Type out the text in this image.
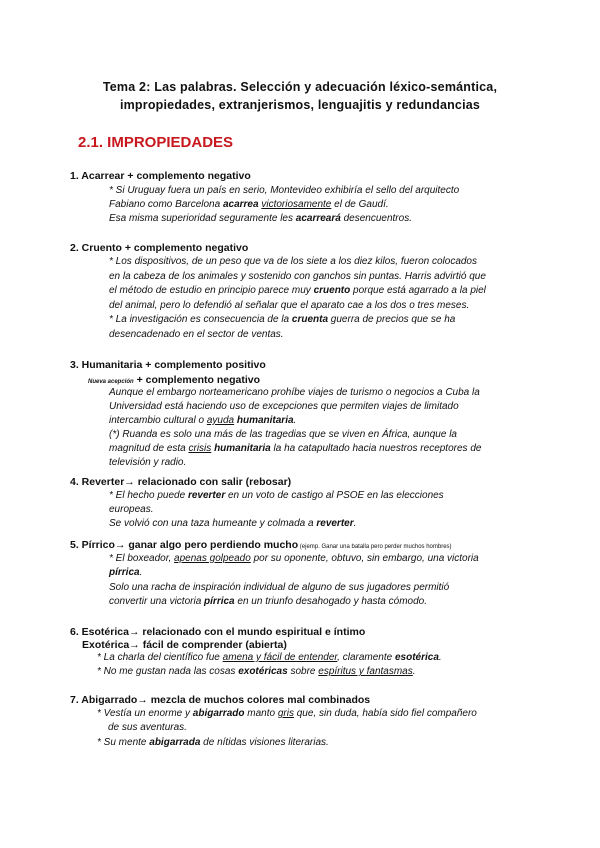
Tema 2: Las palabras. Selección y adecuación léxico-semántica,
impropiedades, extranjerismos, lenguajitis y redundancias
2.1. IMPROPIEDADES
1. Acarrear + complemento negativo
* Si Uruguay fuera un país en serio, Montevideo exhibiría el sello del arquitecto
Fabiano como Barcelona acarrea victoriosamente el de Gaudí.
Esa misma superioridad seguramente les acarreará desencuentros.
2. Cruento + complemento negativo
* Los dispositivos, de un peso que va de los siete a los diez kilos, fueron colocados
en la cabeza de los animales y sostenido con ganchos sin puntas. Harris advirtió que
el método de estudio en principio parece muy cruento porque está agarrado a la piel
del animal, pero lo defendió al señalar que el aparato cae a los dos o tres meses.
* La investigación es consecuencia de la cruenta guerra de precios que se ha
desencadenado en el sector de ventas.
3. Humanitaria + complemento positivo
Nueva acepción + complemento negativo
Aunque el embargo norteamericano prohíbe viajes de turismo o negocios a Cuba la
Universidad está haciendo uso de excepciones que permiten viajes de limitado
intercambio cultural o ayuda humanitaria.
(*) Ruanda es solo una más de las tragedias que se viven en África, aunque la
magnitud de esta crisis humanitaria la ha catapultado hacia nuestros receptores de
televisión y radio.
4. Reverter→ relacionado con salir (rebosar)
* El hecho puede reverter en un voto de castigo al PSOE en las elecciones
europeas.
Se volvió con una taza humeante y colmada a reverter.
5. Pírrico→ ganar algo pero perdiendo mucho (ejemp. Ganar una batalla pero perder muchos hombres)
* El boxeador, apenas golpeado por su oponente, obtuvo, sin embargo, una victoria
pírrica.
Solo una racha de inspiración individual de alguno de sus jugadores permitió
convertir una victoria pírrica en un triunfo desahogado y hasta cómodo.
6. Esotérica→ relacionado con el mundo espiritual e íntimo
Exotérica→ fácil de comprender (abierta)
* La charla del científico fue amena y fácil de entender, claramente esotérica.
* No me gustan nada las cosas exotéricas sobre espíritus y fantasmas.
7. Abigarrado→ mezcla de muchos colores mal combinados
* Vestía un enorme y abigarrado manto gris que, sin duda, había sido fiel compañero
de sus aventuras.
* Su mente abigarrada de nítidas visiones literarias.
